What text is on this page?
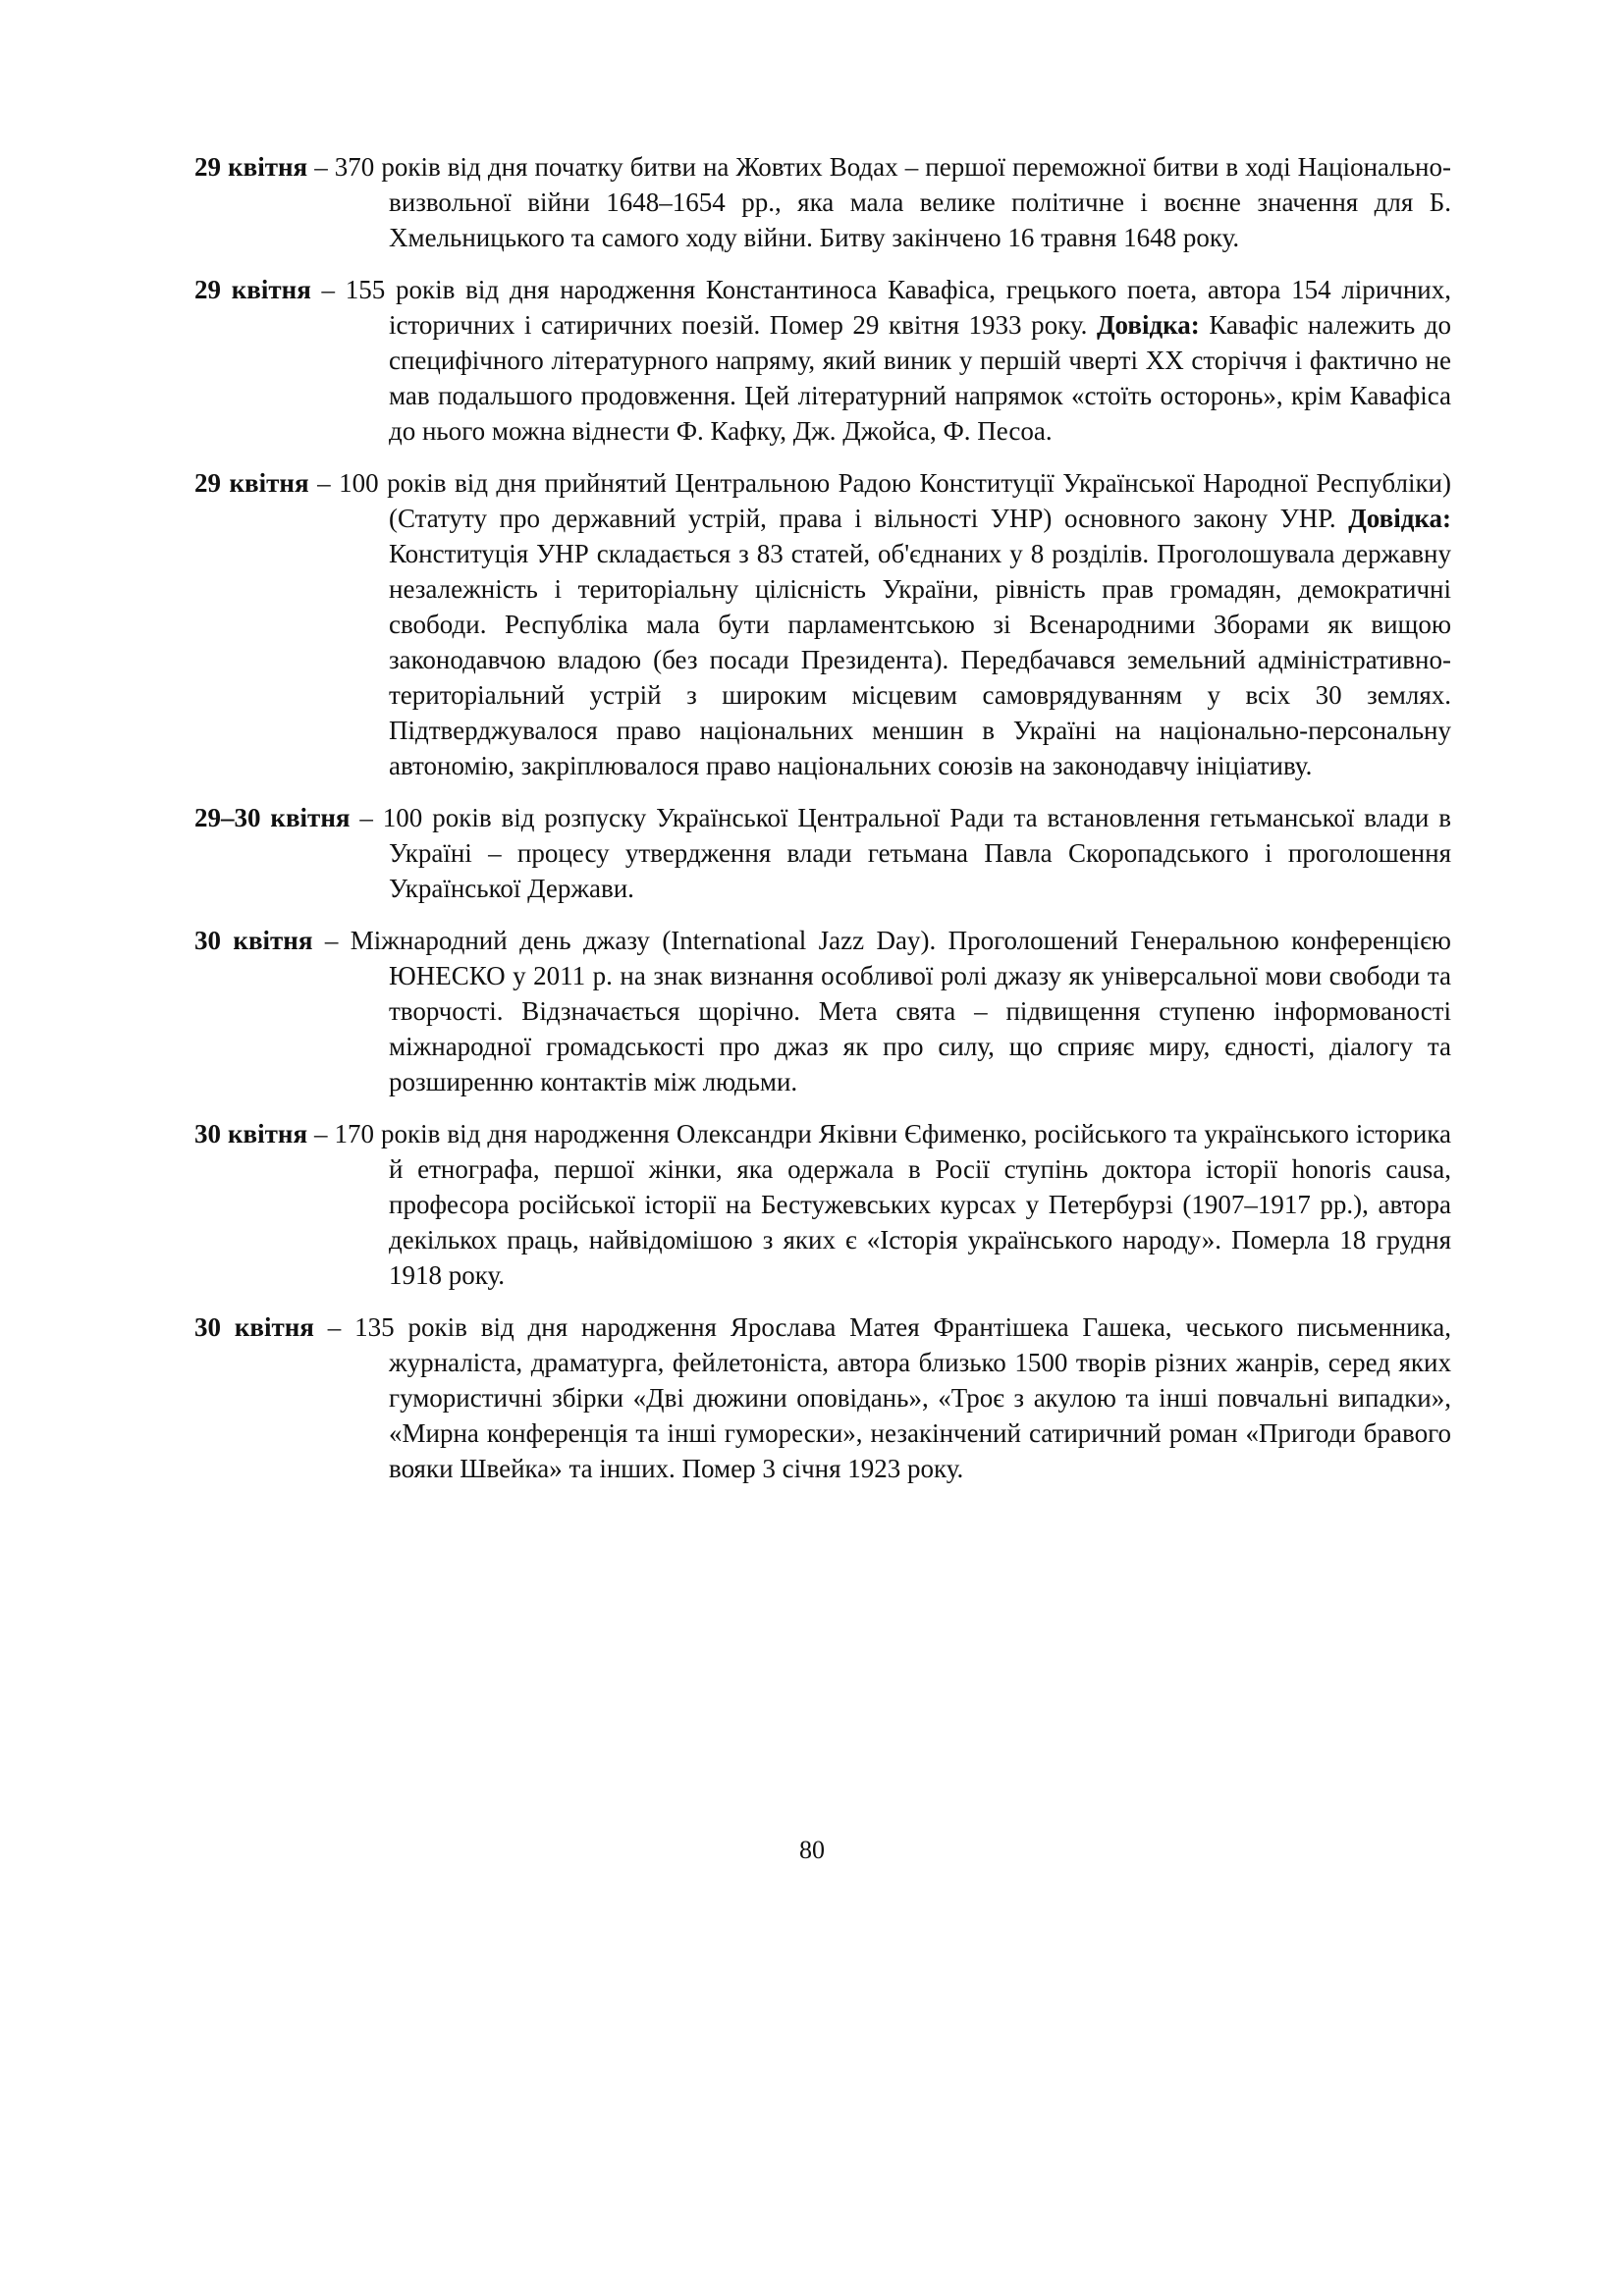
29 квітня – 370 років від дня початку битви на Жовтих Водах – першої переможної битви в ході Національно-визвольної війни 1648–1654 рр., яка мала велике політичне і воєнне значення для Б. Хмельницького та самого ходу війни. Битву закінчено 16 травня 1648 року.

29 квітня – 155 років від дня народження Константиноса Кавафіса, грецького поета, автора 154 ліричних, історичних і сатиричних поезій. Помер 29 квітня 1933 року. Довідка: Кавафіс належить до специфічного літературного напряму, який виник у першій чверті XX сторіччя і фактично не мав подальшого продовження. Цей літературний напрямок «стоїть осторонь», крім Кавафіса до нього можна віднести Ф. Кафку, Дж. Джойса, Ф. Песоа.

29 квітня – 100 років від дня прийнятий Центральною Радою Конституції Української Народної Республіки) (Статуту про державний устрій, права і вільності УНР) основного закону УНР. Довідка: Конституція УНР складається з 83 статей, об'єднаних у 8 розділів. Проголошувала державну незалежність і територіальну цілісність України, рівність прав громадян, демократичні свободи. Республіка мала бути парламентською зі Всенародними Зборами як вищою законодавчою владою (без посади Президента). Передбачався земельний адміністративно-територіальний устрій з широким місцевим самоврядуванням у всіх 30 землях. Підтверджувалося право національних меншин в Україні на національно-персональну автономію, закріплювалося право національних союзів на законодавчу ініціативу.

29–30 квітня – 100 років від розпуску Української Центральної Ради та встановлення гетьманської влади в Україні – процесу утвердження влади гетьмана Павла Скоропадського і проголошення Української Держави.

30 квітня – Міжнародний день джазу (International Jazz Day). Проголошений Генеральною конференцією ЮНЕСКО у 2011 р. на знак визнання особливої ролі джазу як універсальної мови свободи та творчості. Відзначається щорічно. Мета свята – підвищення ступеню інформованості міжнародної громадськості про джаз як про силу, що сприяє миру, єдності, діалогу та розширенню контактів між людьми.

30 квітня – 170 років від дня народження Олександри Яківни Єфименко, російського та українського історика й етнографа, першої жінки, яка одержала в Росії ступінь доктора історії honoris causa, професора російської історії на Бестужевських курсах у Петербурзі (1907–1917 рр.), автора декількох праць, найвідомішою з яких є «Історія українського народу». Померла 18 грудня 1918 року.

30 квітня – 135 років від дня народження Ярослава Матея Франтішека Гашека, чеського письменника, журналіста, драматурга, фейлетоніста, автора близько 1500 творів різних жанрів, серед яких гумористичні збірки «Дві дюжини оповідань», «Троє з акулою та інші повчальні випадки», «Мирна конференція та інші гуморески», незакінчений сатиричний роман «Пригоди бравого вояки Швейка» та інших. Помер 3 січня 1923 року.

80
